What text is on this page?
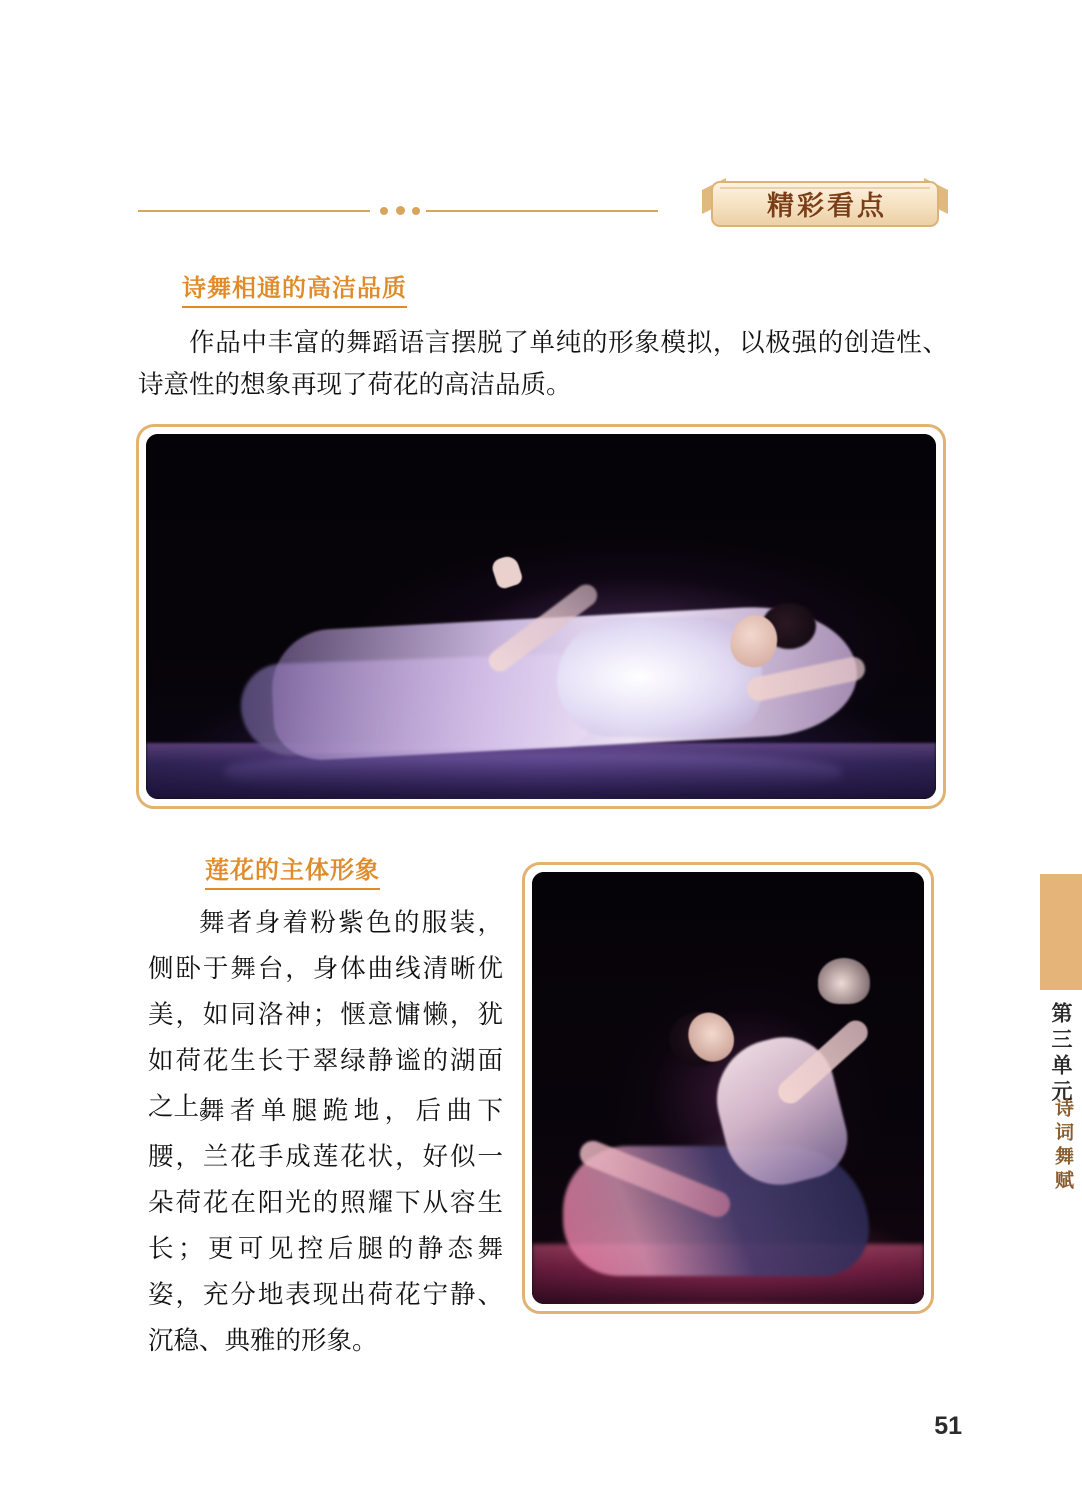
精彩看点
诗舞相通的高洁品质
作品中丰富的舞蹈语言摆脱了单纯的形象模拟，以极强的创造性、诗意性的想象再现了荷花的高洁品质。
莲花的主体形象
舞者身着粉紫色的服装，侧卧于舞台，身体曲线清晰优美，如同洛神；惬意慵懒，犹如荷花生长于翠绿静谧的湖面之上。
舞者单腿跪地，后曲下腰，兰花手成莲花状，好似一朵荷花在阳光的照耀下从容生长；更可见控后腿的静态舞姿，充分地表现出荷花宁静、沉稳、典雅的形象。
第三单元
诗词舞赋
51
